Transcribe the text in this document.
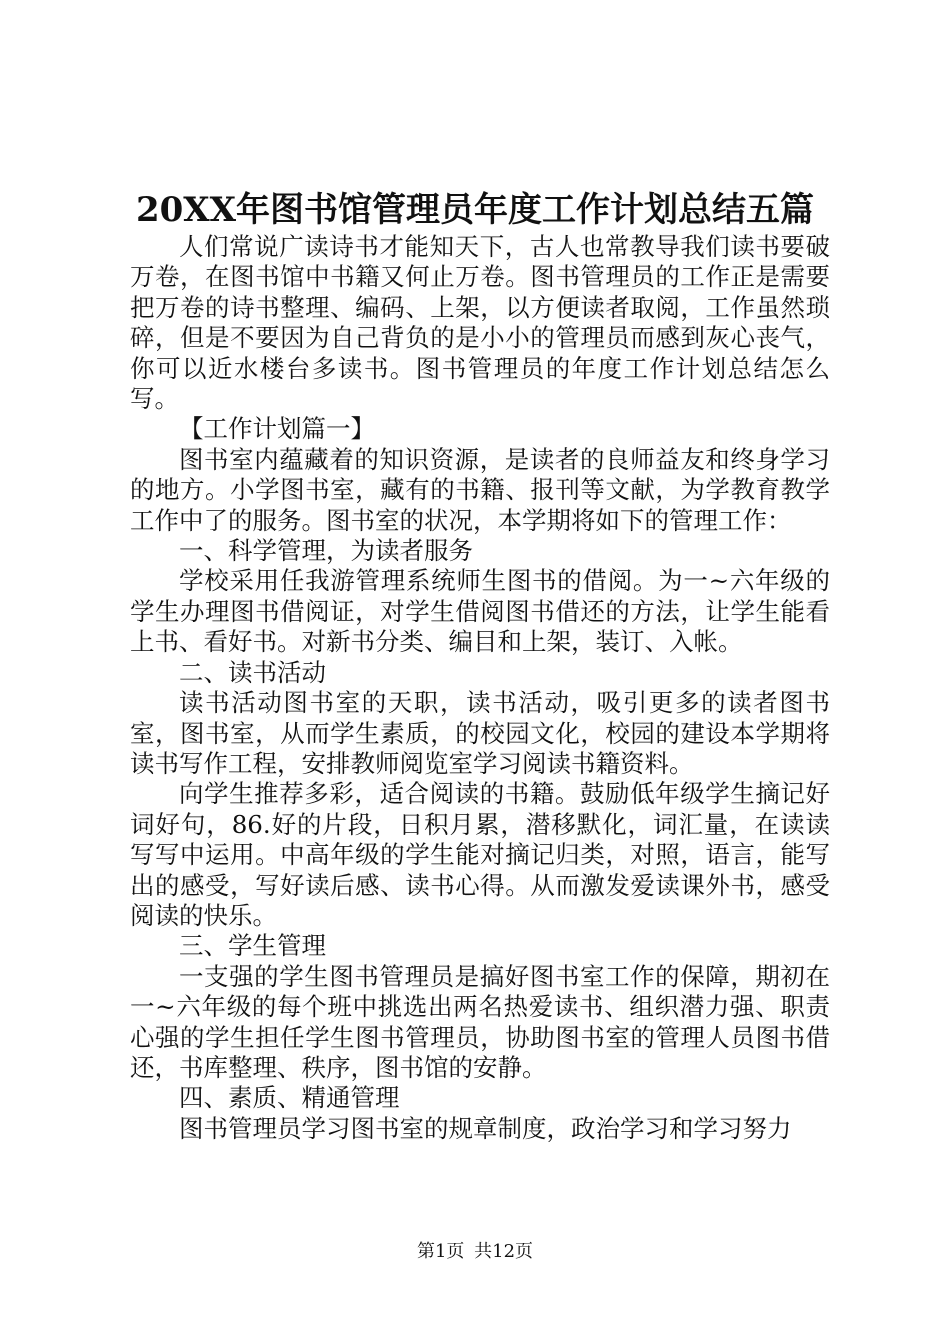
20XX年图书馆管理员年度工作计划总结五篇

人们常说广读诗书才能知天下，古人也常教导我们读书要破万卷，在图书馆中书籍又何止万卷。图书管理员的工作正是需要把万卷的诗书整理、编码、上架，以方便读者取阅，工作虽然琐碎，但是不要因为自己背负的是小小的管理员而感到灰心丧气，你可以近水楼台多读书。图书管理员的年度工作计划总结怎么写。

【工作计划篇一】

图书室内蕴藏着的知识资源，是读者的良师益友和终身学习的地方。小学图书室，藏有的书籍、报刊等文献，为学教育教学工作中了的服务。图书室的状况，本学期将如下的管理工作：

一、科学管理，为读者服务

学校采用任我游管理系统师生图书的借阅。为一~六年级的学生办理图书借阅证，对学生借阅图书借还的方法，让学生能看上书、看好书。对新书分类、编目和上架，装订、入帐。

二、读书活动

读书活动图书室的天职，读书活动，吸引更多的读者图书室，图书室，从而学生素质，的校园文化，校园的建设本学期将读书写作工程，安排教师阅览室学习阅读书籍资料。

向学生推荐多彩，适合阅读的书籍。鼓励低年级学生摘记好词好句，86.好的片段，日积月累，潜移默化，词汇量，在读读写写中运用。中高年级的学生能对摘记归类，对照，语言，能写出的感受，写好读后感、读书心得。从而激发爱读课外书，感受阅读的快乐。

三、学生管理

一支强的学生图书管理员是搞好图书室工作的保障，期初在一~六年级的每个班中挑选出两名热爱读书、组织潜力强、职责心强的学生担任学生图书管理员，协助图书室的管理人员图书借还，书库整理、秩序，图书馆的安静。

四、素质、精通管理

图书管理员学习图书室的规章制度，政治学习和学习努力

第1页 共12页
